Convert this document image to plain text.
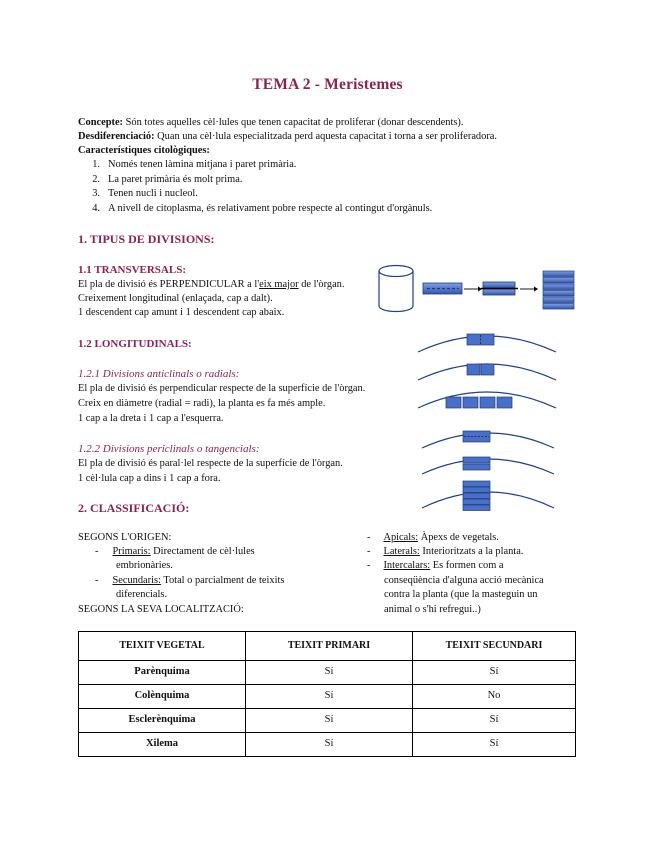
TEMA 2 - Meristemes
Concepte: Són totes aquelles cèl·lules que tenen capacitat de proliferar (donar descendents).
Desdiferenciació: Quan una cèl·lula especialitzada perd aquesta capacitat i torna a ser proliferadora.
Característiques citològiques:
1. Només tenen làmina mitjana i paret primària.
2. La paret primària és molt prima.
3. Tenen nucli i nucleol.
4. A nivell de citoplasma, és relativament pobre respecte al contingut d'orgànuls.
1. TIPUS DE DIVISIONS:
1.1 TRANSVERSALS:
El pla de divisió és PERPENDICULAR a l'eix major de l'òrgan.
Creixement longitudinal (enlaçada, cap a dalt).
1 descendent cap amunt i 1 descendent cap abaix.
1.2 LONGITUDINALS:
1.2.1 Divisions anticlinals o radials:
El pla de divisió és perpendicular respecte de la superfície de l'òrgan.
Creix en diàmetre (radial = radi), la planta es fa més ample.
1 cap a la dreta i 1 cap a l'esquerra.
1.2.2 Divisions periclinals o tangencials:
El pla de divisió és paral·lel respecte de la superfície de l'òrgan.
1 cèl·lula cap a dins i 1 cap a fora.
2. CLASSIFICACIÓ:
SEGONS L'ORIGEN:
- Primaris: Directament de cèl·lules
embrionàries.
- Secundaris: Total o parcialment de teixits
diferencials.
SEGONS LA SEVA LOCALITZACIÓ:
- Apicals: Àpexs de vegetals.
- Laterals: Interioritzats a la planta.
- Intercalars: Es formen com a
conseqüència d'alguna acció mecànica
contra la planta (que la masteguin un
animal o s'hi refregui..)
TEIXIT VEGETAL	TEIXIT PRIMARI	TEIXIT SECUNDARI
Parènquima	Sí	Sí
Colènquima	Sí	No
Esclerènquima	Sí	Sí
Xilema	Sí	Sí
